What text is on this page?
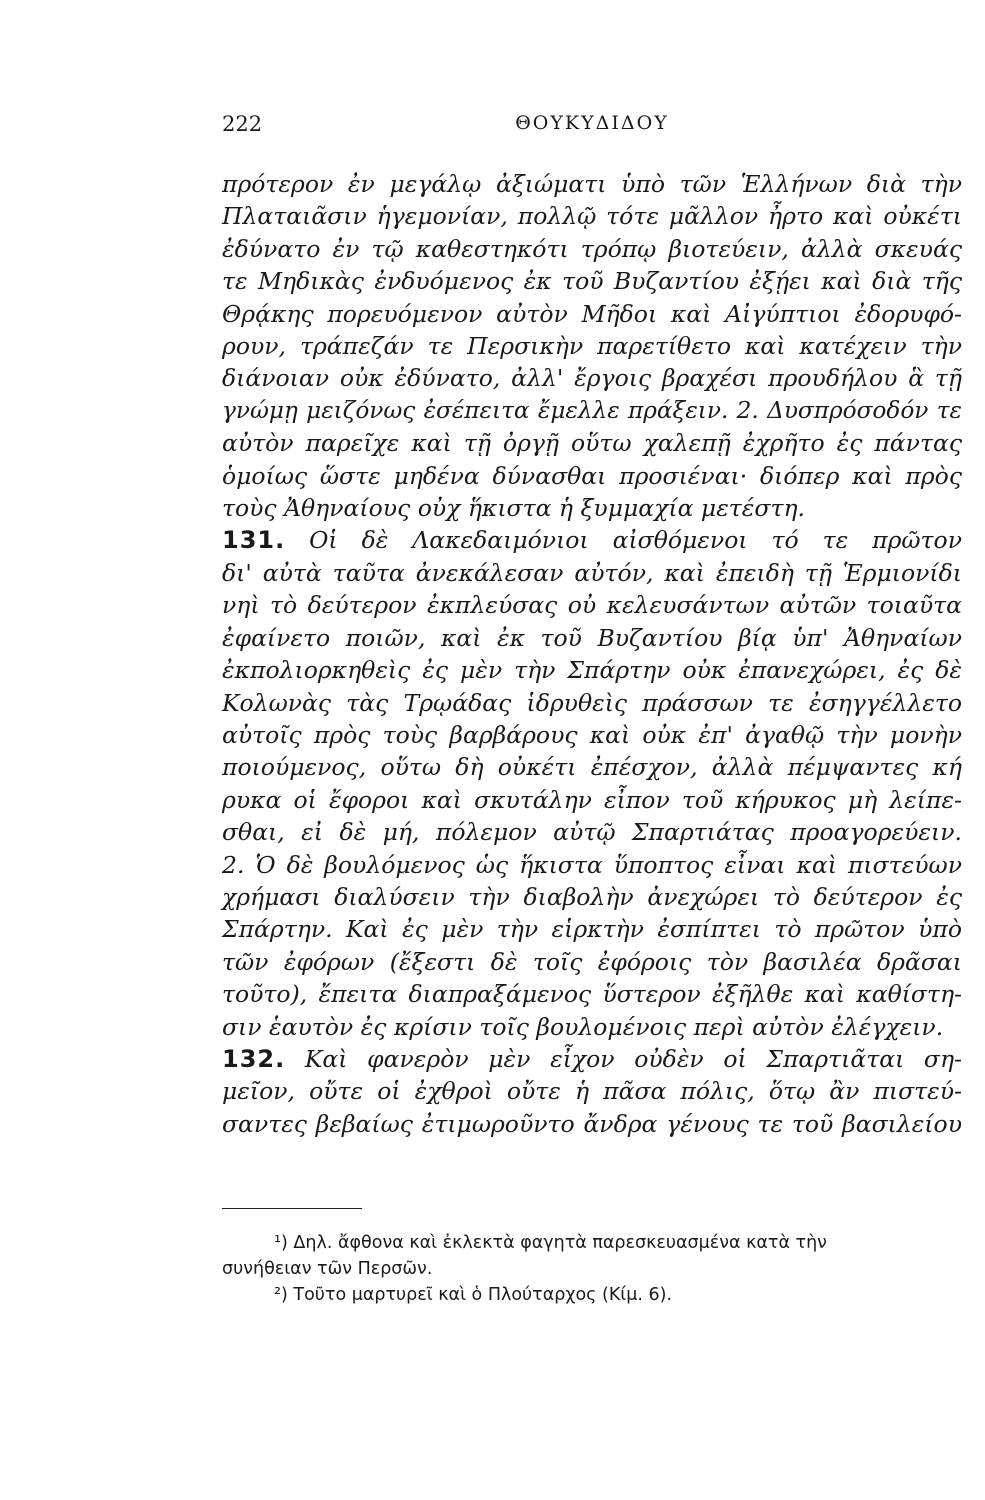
222	ΘΟΥΚΥΔΙΔΟΥ
πρότερον ἐν μεγάλῳ ἀξιώματι ὑπὸ τῶν Ἑλλήνων διὰ τὴν
Πλαταιᾶσιν ἡγεμονίαν, πολλῷ τότε μᾶλλον ἦρτο καὶ οὐκέτι
ἐδύνατο ἐν τῷ καθεστηκότι τρόπῳ βιοτεύειν, ἀλλὰ σκευάς
τε Μηδικὰς ἐνδυόμενος ἐκ τοῦ Βυζαντίου ἐξῄει καὶ διὰ τῆς
Θρᾴκης πορευόμενον αὐτὸν Μῆδοι καὶ Αἰγύπτιοι ἐδορυφό-
ρουν, τράπεζάν τε Περσικὴν παρετίθετο καὶ κατέχειν τὴν
διάνοιαν οὐκ ἐδύνατο, ἀλλ' ἔργοις βραχέσι προυδήλου ἃ τῇ
γνώμῃ μειζόνως ἐσέπειτα ἔμελλε πράξειν. 2. Δυσπρόσοδόν τε
αὐτὸν παρεῖχε καὶ τῇ ὀργῇ οὕτω χαλεπῇ ἐχρῆτο ἐς πάντας
ὁμοίως ὥστε μηδένα δύνασθαι προσιέναι· διόπερ καὶ πρὸς
τοὺς Ἀθηναίους οὐχ ἥκιστα ἡ ξυμμαχία μετέστη.
131. Οἱ δὲ Λακεδαιμόνιοι αἰσθόμενοι τό τε πρῶτον
δι' αὐτὰ ταῦτα ἀνεκάλεσαν αὐτόν, καὶ ἐπειδὴ τῇ Ἑρμιονίδι
νηὶ τὸ δεύτερον ἐκπλεύσας οὐ κελευσάντων αὐτῶν τοιαῦτα
ἐφαίνετο ποιῶν, καὶ ἐκ τοῦ Βυζαντίου βίᾳ ὑπ' Ἀθηναίων
ἐκπολιορκηθεὶς ἐς μὲν τὴν Σπάρτην οὐκ ἐπανεχώρει, ἐς δὲ
Κολωνὰς τὰς Τρῳάδας ἱδρυθεὶς πράσσων τε ἐσηγγέλλετο
αὐτοῖς πρὸς τοὺς βαρβάρους καὶ οὐκ ἐπ' ἀγαθῷ τὴν μονὴν
ποιούμενος, οὕτω δὴ οὐκέτι ἐπέσχον, ἀλλὰ πέμψαντες κή
ρυκα οἱ ἔφοροι καὶ σκυτάλην εἶπον τοῦ κήρυκος μὴ λείπε-
σθαι, εἰ δὲ μή, πόλεμον αὐτῷ Σπαρτιάτας προαγορεύειν.
2. Ὁ δὲ βουλόμενος ὡς ἥκιστα ὕποπτος εἶναι καὶ πιστεύων
χρήμασι διαλύσειν τὴν διαβολὴν ἀνεχώρει τὸ δεύτερον ἐς
Σπάρτην. Καὶ ἐς μὲν τὴν εἱρκτὴν ἐσπίπτει τὸ πρῶτον ὑπὸ
τῶν ἐφόρων (ἔξεστι δὲ τοῖς ἐφόροις τὸν βασιλέα δρᾶσαι
τοῦτο), ἔπειτα διαπραξάμενος ὕστερον ἐξῆλθε καὶ καθίστη-
σιν ἑαυτὸν ἐς κρίσιν τοῖς βουλομένοις περὶ αὐτὸν ἐλέγχειν.
132. Καὶ φανερὸν μὲν εἶχον οὐδὲν οἱ Σπαρτιᾶται ση-
μεῖον, οὔτε οἱ ἐχθροὶ οὔτε ἡ πᾶσα πόλις, ὅτῳ ἂν πιστεύ-
σαντες βεβαίως ἐτιμωροῦντο ἄνδρα γένους τε τοῦ βασιλείου
¹) Δηλ. ἄφθονα καὶ ἐκλεκτὰ φαγητὰ παρεσκευασμένα κατὰ τὴν
συνήθειαν τῶν Περσῶν.
²) Τοῦτο μαρτυρεῖ καὶ ὁ Πλούταρχος (Κίμ. 6).
